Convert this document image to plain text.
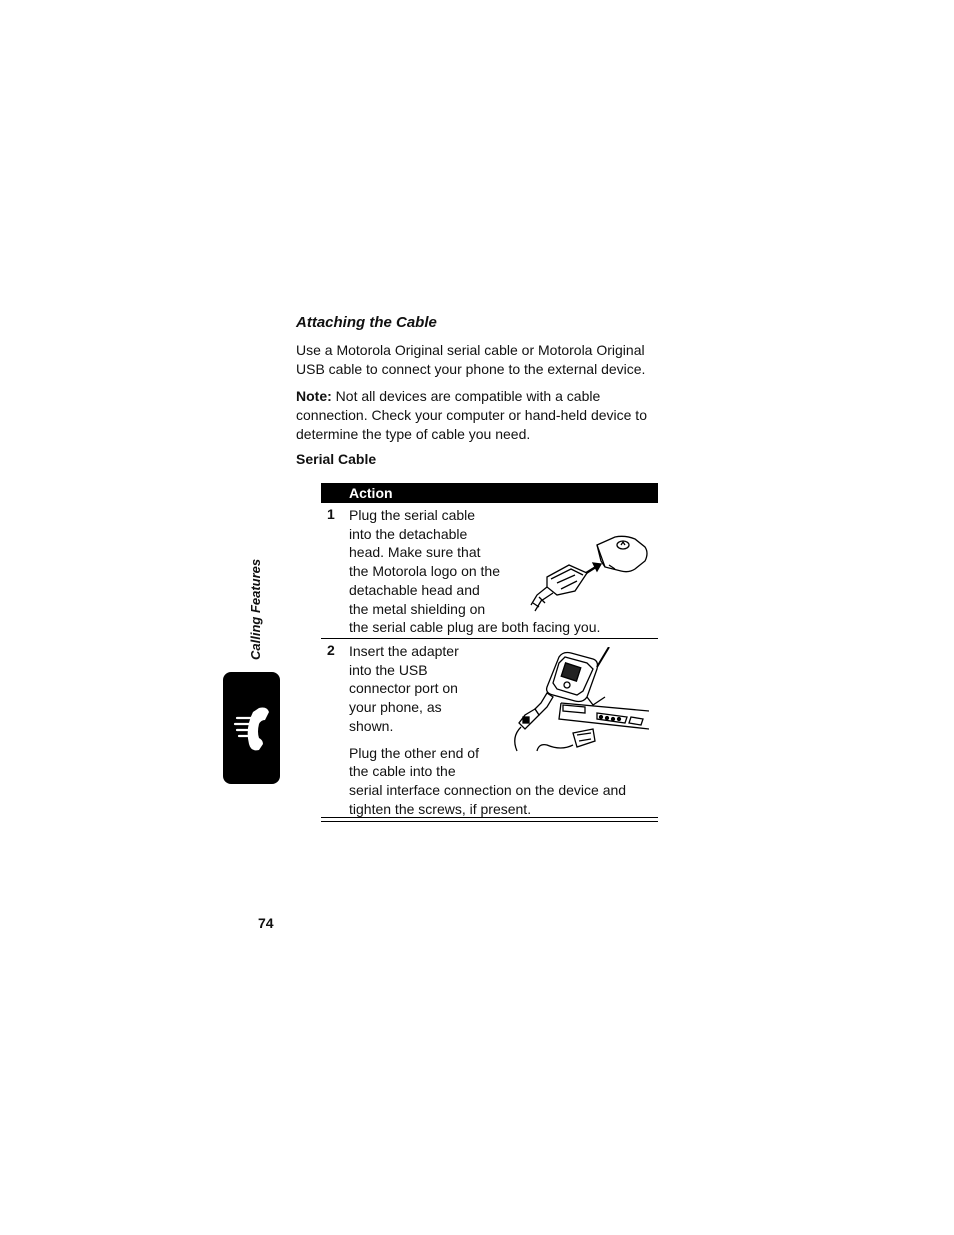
Attaching the Cable

Use a Motorola Original serial cable or Motorola Original USB cable to connect your phone to the external device.

Note: Not all devices are compatible with a cable connection. Check your computer or hand-held device to determine the type of cable you need.

Serial Cable
Action
1 Plug the serial cable
into the detachable
head. Make sure that
the Motorola logo on the
detachable head and
the metal shielding on
the serial cable plug are both facing you.
2 Insert the adapter
into the USB
connector port on
your phone, as
shown.
Plug the other end of
the cable into the
serial interface connection on the device and
tighten the screws, if present.
Calling Features
74
